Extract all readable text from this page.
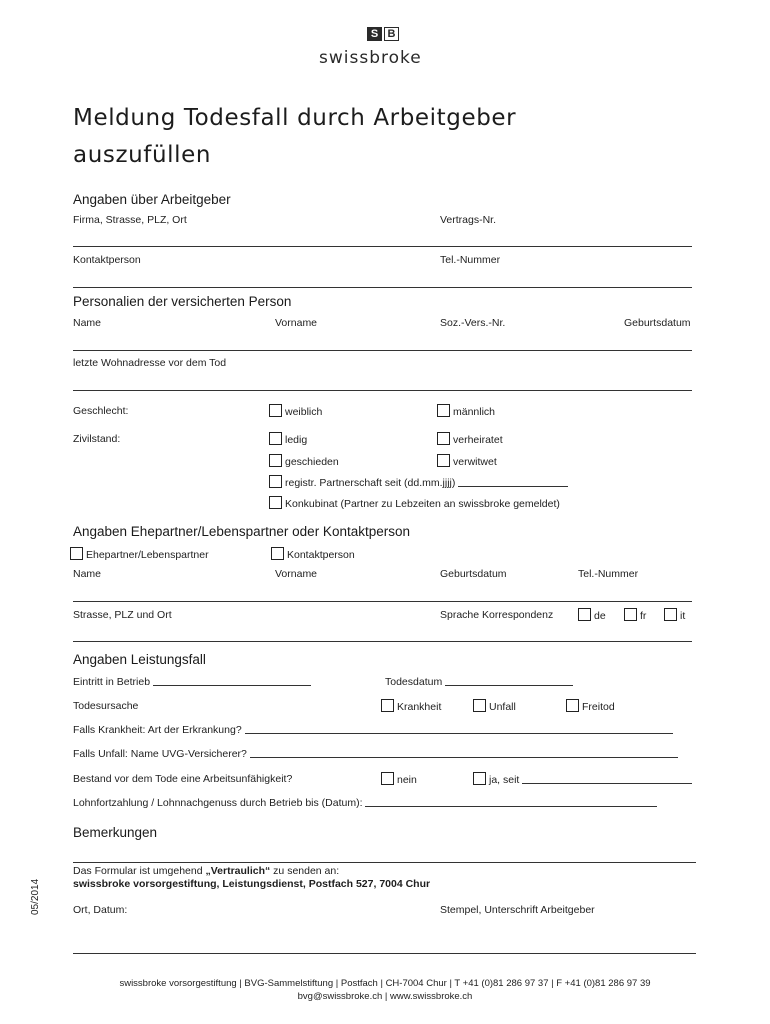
S B
swissbroke
Meldung Todesfall durch Arbeitgeber
auszufüllen
Angaben über Arbeitgeber
Firma, Strasse, PLZ, Ort	Vertrags-Nr.
Kontaktperson	Tel.-Nummer
Personalien der versicherten Person
Name	Vorname	Soz.-Vers.-Nr.	Geburtsdatum
letzte Wohnadresse vor dem Tod
Geschlecht:	weiblich	männlich
Zivilstand:	ledig	verheiratet
geschieden	verwitwet
registr. Partnerschaft seit (dd.mm.jjjj)
Konkubinat (Partner zu Lebzeiten an swissbroke gemeldet)
Angaben Ehepartner/Lebenspartner oder Kontaktperson
Ehepartner/Lebenspartner	Kontaktperson
Name	Vorname	Geburtsdatum	Tel.-Nummer
Strasse, PLZ und Ort	Sprache Korrespondenz	de	fr	it
Angaben Leistungsfall
Eintritt in Betrieb	Todesdatum
Todesursache	Krankheit	Unfall	Freitod
Falls Krankheit: Art der Erkrankung?
Falls Unfall: Name UVG-Versicherer?
Bestand vor dem Tode eine Arbeitsunfähigkeit?	nein	ja, seit
Lohnfortzahlung / Lohnnachgenuss durch Betrieb bis (Datum):
Bemerkungen
Das Formular ist umgehend „Vertraulich“ zu senden an:
swissbroke vorsorgestiftung, Leistungsdienst, Postfach 527, 7004 Chur
Ort, Datum:	Stempel, Unterschrift Arbeitgeber
05/2014
swissbroke vorsorgestiftung | BVG-Sammelstiftung | Postfach | CH-7004 Chur | T +41 (0)81 286 97 37 | F +41 (0)81 286 97 39
bvg@swissbroke.ch | www.swissbroke.ch
